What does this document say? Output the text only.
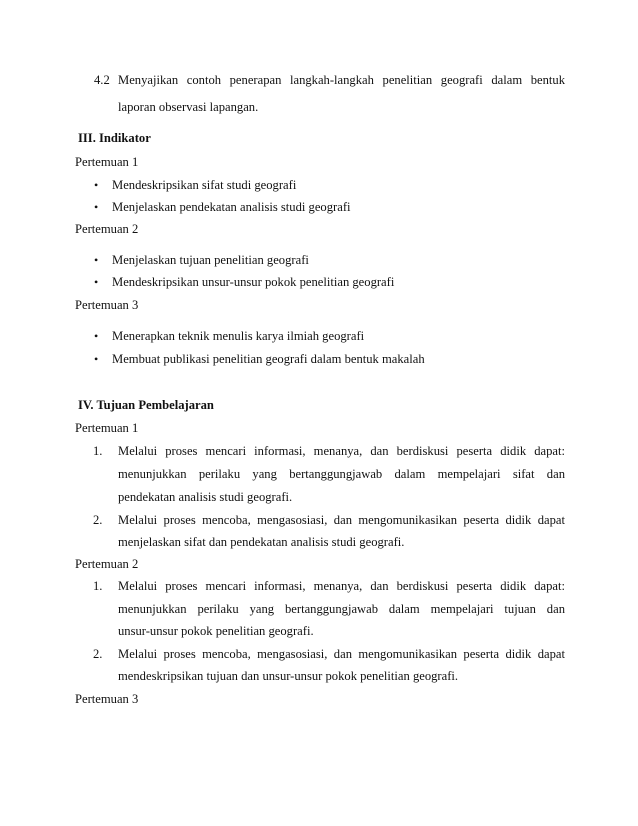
4.2 Menyajikan contoh penerapan langkah-langkah penelitian geografi dalam bentuk
laporan observasi lapangan.
III. Indikator
Pertemuan 1
• Mendeskripsikan sifat studi geografi
• Menjelaskan pendekatan analisis studi geografi
Pertemuan 2
• Menjelaskan tujuan penelitian geografi
• Mendeskripsikan unsur-unsur pokok penelitian geografi
Pertemuan 3
• Menerapkan teknik menulis karya ilmiah geografi
• Membuat publikasi penelitian geografi dalam bentuk makalah
IV. Tujuan Pembelajaran
Pertemuan 1
1. Melalui proses mencari informasi, menanya, dan berdiskusi peserta didik dapat:
menunjukkan perilaku yang bertanggungjawab dalam mempelajari sifat dan
pendekatan analisis studi geografi.
2. Melalui proses mencoba, mengasosiasi, dan mengomunikasikan peserta didik dapat
menjelaskan sifat dan pendekatan analisis studi geografi.
Pertemuan 2
1. Melalui proses mencari informasi, menanya, dan berdiskusi peserta didik dapat:
menunjukkan perilaku yang bertanggungjawab dalam mempelajari tujuan dan
unsur-unsur pokok penelitian geografi.
2. Melalui proses mencoba, mengasosiasi, dan mengomunikasikan peserta didik dapat
mendeskripsikan tujuan dan unsur-unsur pokok penelitian geografi.
Pertemuan 3
